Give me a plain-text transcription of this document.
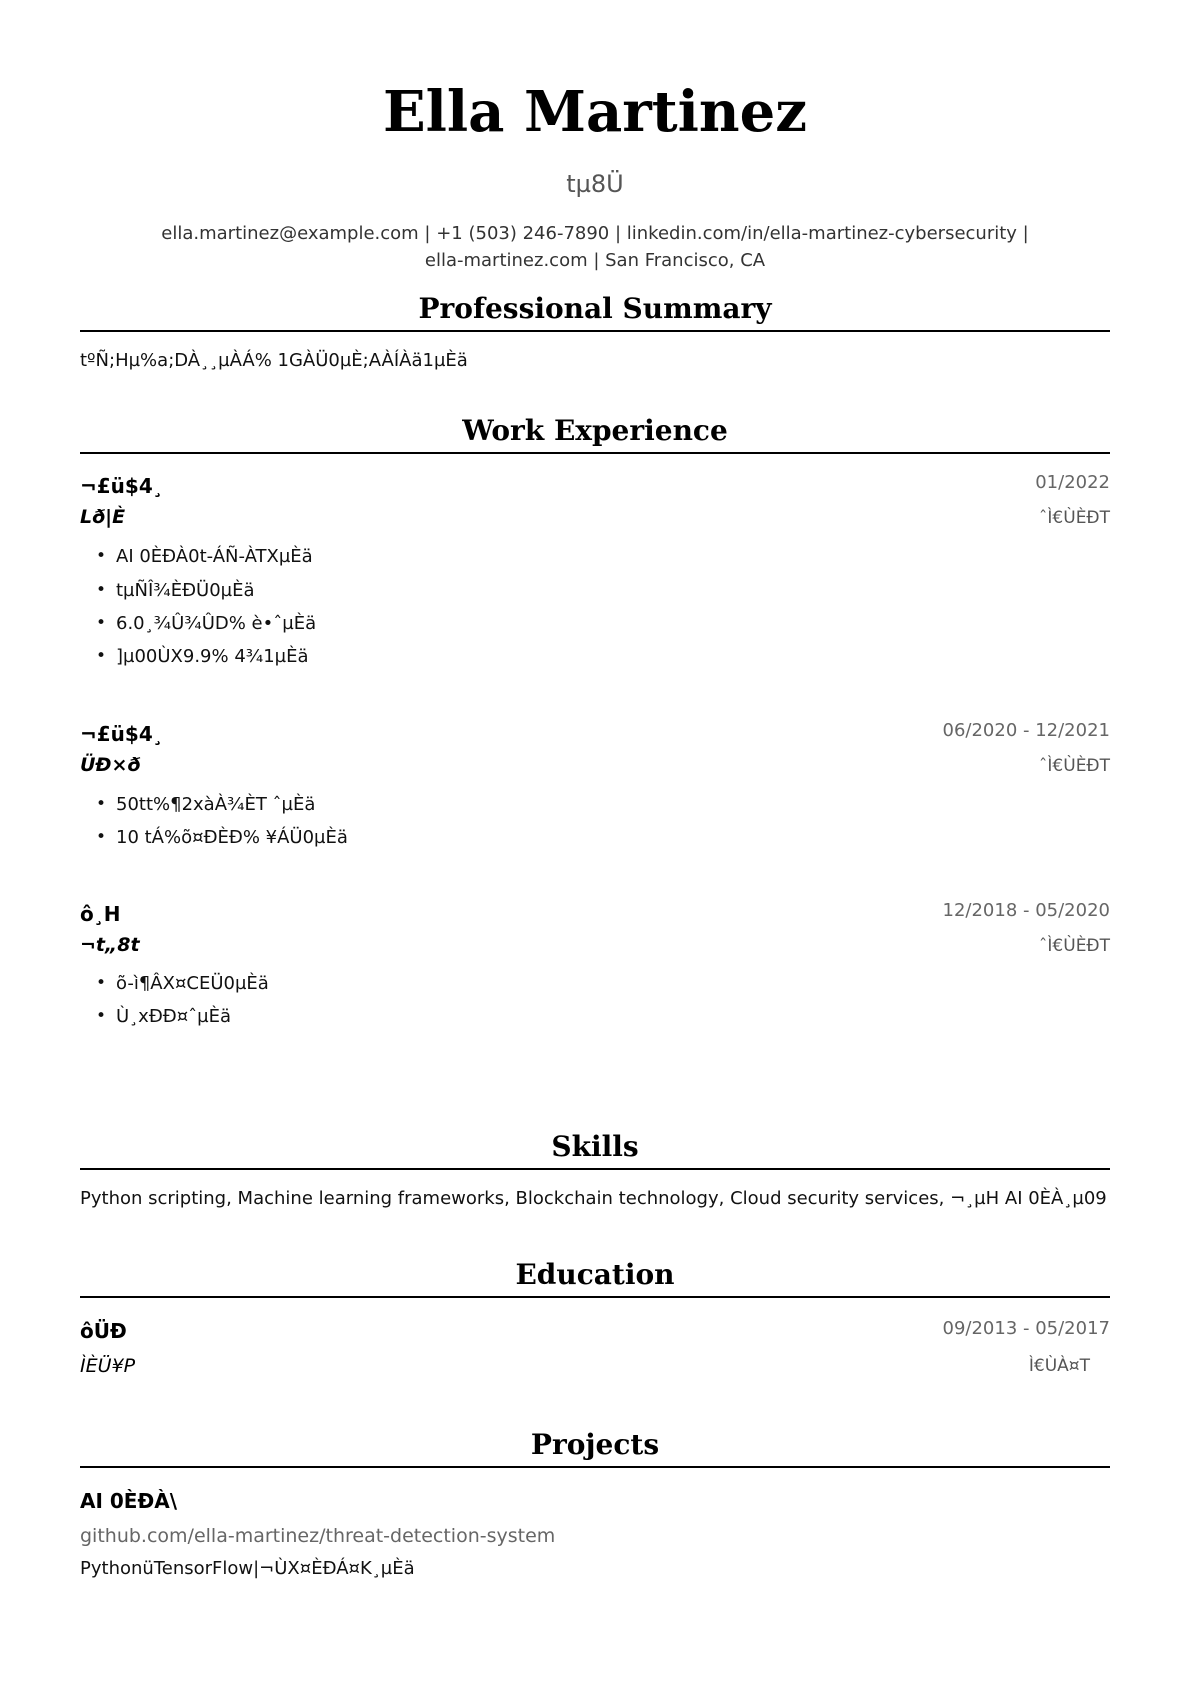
Ella Martinez
tµ8Ü
ella.martinez@example.com | +1 (503) 246-7890 | linkedin.com/in/ella-martinez-cybersecurity |
ella-martinez.com | San Francisco, CA
Professional Summary
tºÑ;Hµ%a;DÀ¸¸µÀÁ% 1GÀÜ0µÈ;AÀÍÀä1µÈä
Work Experience
¬£ü$4¸	01/2022
Lð|È	ˆÌ€ÙÈÐT
• AI 0ÈÐÀ0t-ÁÑ-ÀTXµÈä
• tµÑÎ¾ÈÐÜ0µÈä
• 6.0¸¾Û¾ÛD% è•ˆµÈä
• ]µ00ÙX9.9% 4¾1µÈä
¬£ü$4¸	06/2020 - 12/2021
ÜÐ×ð	ˆÌ€ÙÈÐT
• 50tt%¶2xàÀ¾ÈT ˆµÈä
• 10 tÁ%õ¤ÐÈÐ% ¥ÁÜ0µÈä
ô¸H	12/2018 - 05/2020
¬t„8t	ˆÌ€ÙÈÐT
• õ-ì¶ÂX¤CEÜ0µÈä
• Ù¸xÐÐ¤ˆµÈä
Skills
Python scripting, Machine learning frameworks, Blockchain technology, Cloud security services, ¬¸µH AI 0ÈÀ¸µ09
Education
ôÜÐ	09/2013 - 05/2017
ÌÈÜ¥P	Ì€ÙÀ¤T
Projects
AI 0ÈÐÀ\
github.com/ella-martinez/threat-detection-system
PythonüTensorFlow|¬ÙX¤ÈÐÁ¤K¸µÈä
